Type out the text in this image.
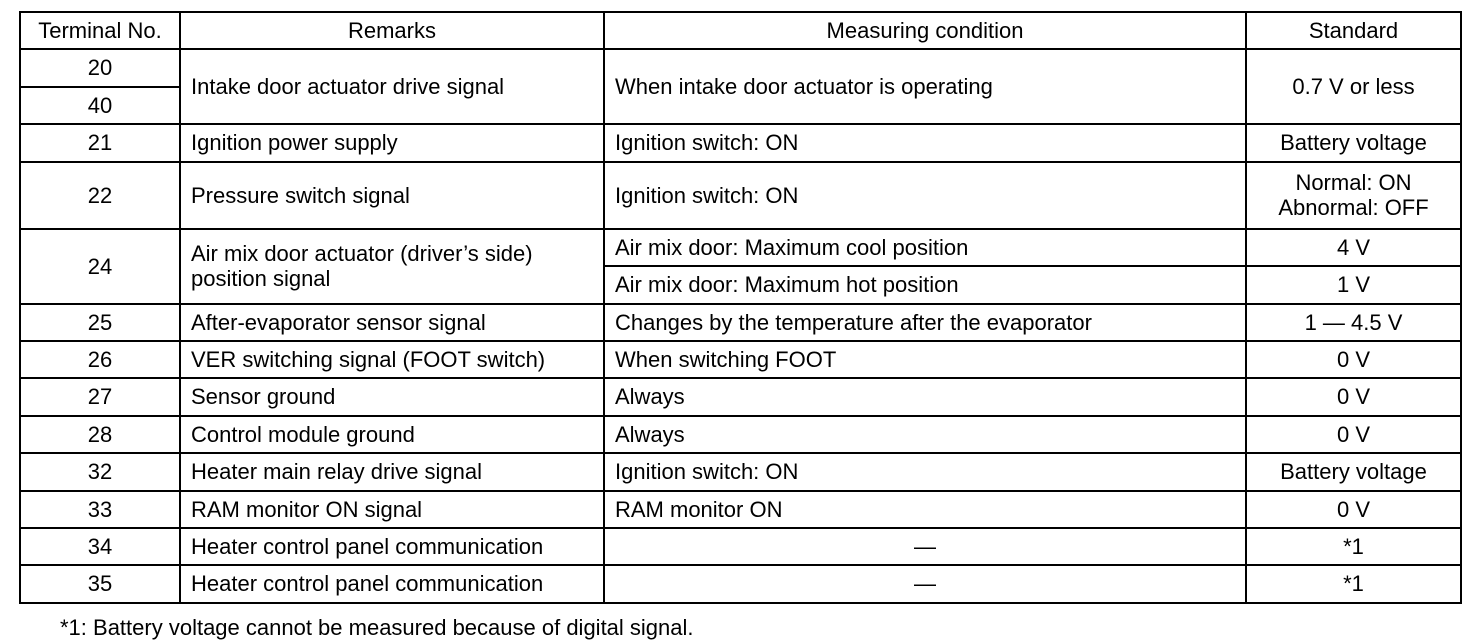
Terminal No.	Remarks	Measuring condition	Standard
20	Intake door actuator drive signal	When intake door actuator is operating	0.7 V or less

40			

21	Ignition power supply	Ignition switch: ON	Battery voltage

22	Pressure switch signal	Ignition switch: ON	Normal: ON
Abnormal: OFF

24	Air mix door actuator (driver’s side)
position signal	Air mix door: Maximum cool position	4 V

		Air mix door: Maximum hot position	1 V

25	After-evaporator sensor signal	Changes by the temperature after the evaporator	1 — 4.5 V

26	VER switching signal (FOOT switch)	When switching FOOT	0 V

27	Sensor ground	Always	0 V

28	Control module ground	Always	0 V

32	Heater main relay drive signal	Ignition switch: ON	Battery voltage

33	RAM monitor ON signal	RAM monitor ON	0 V

34	Heater control panel communication	—	*1

35	Heater control panel communication	—	*1
*1: Battery voltage cannot be measured because of digital signal.
